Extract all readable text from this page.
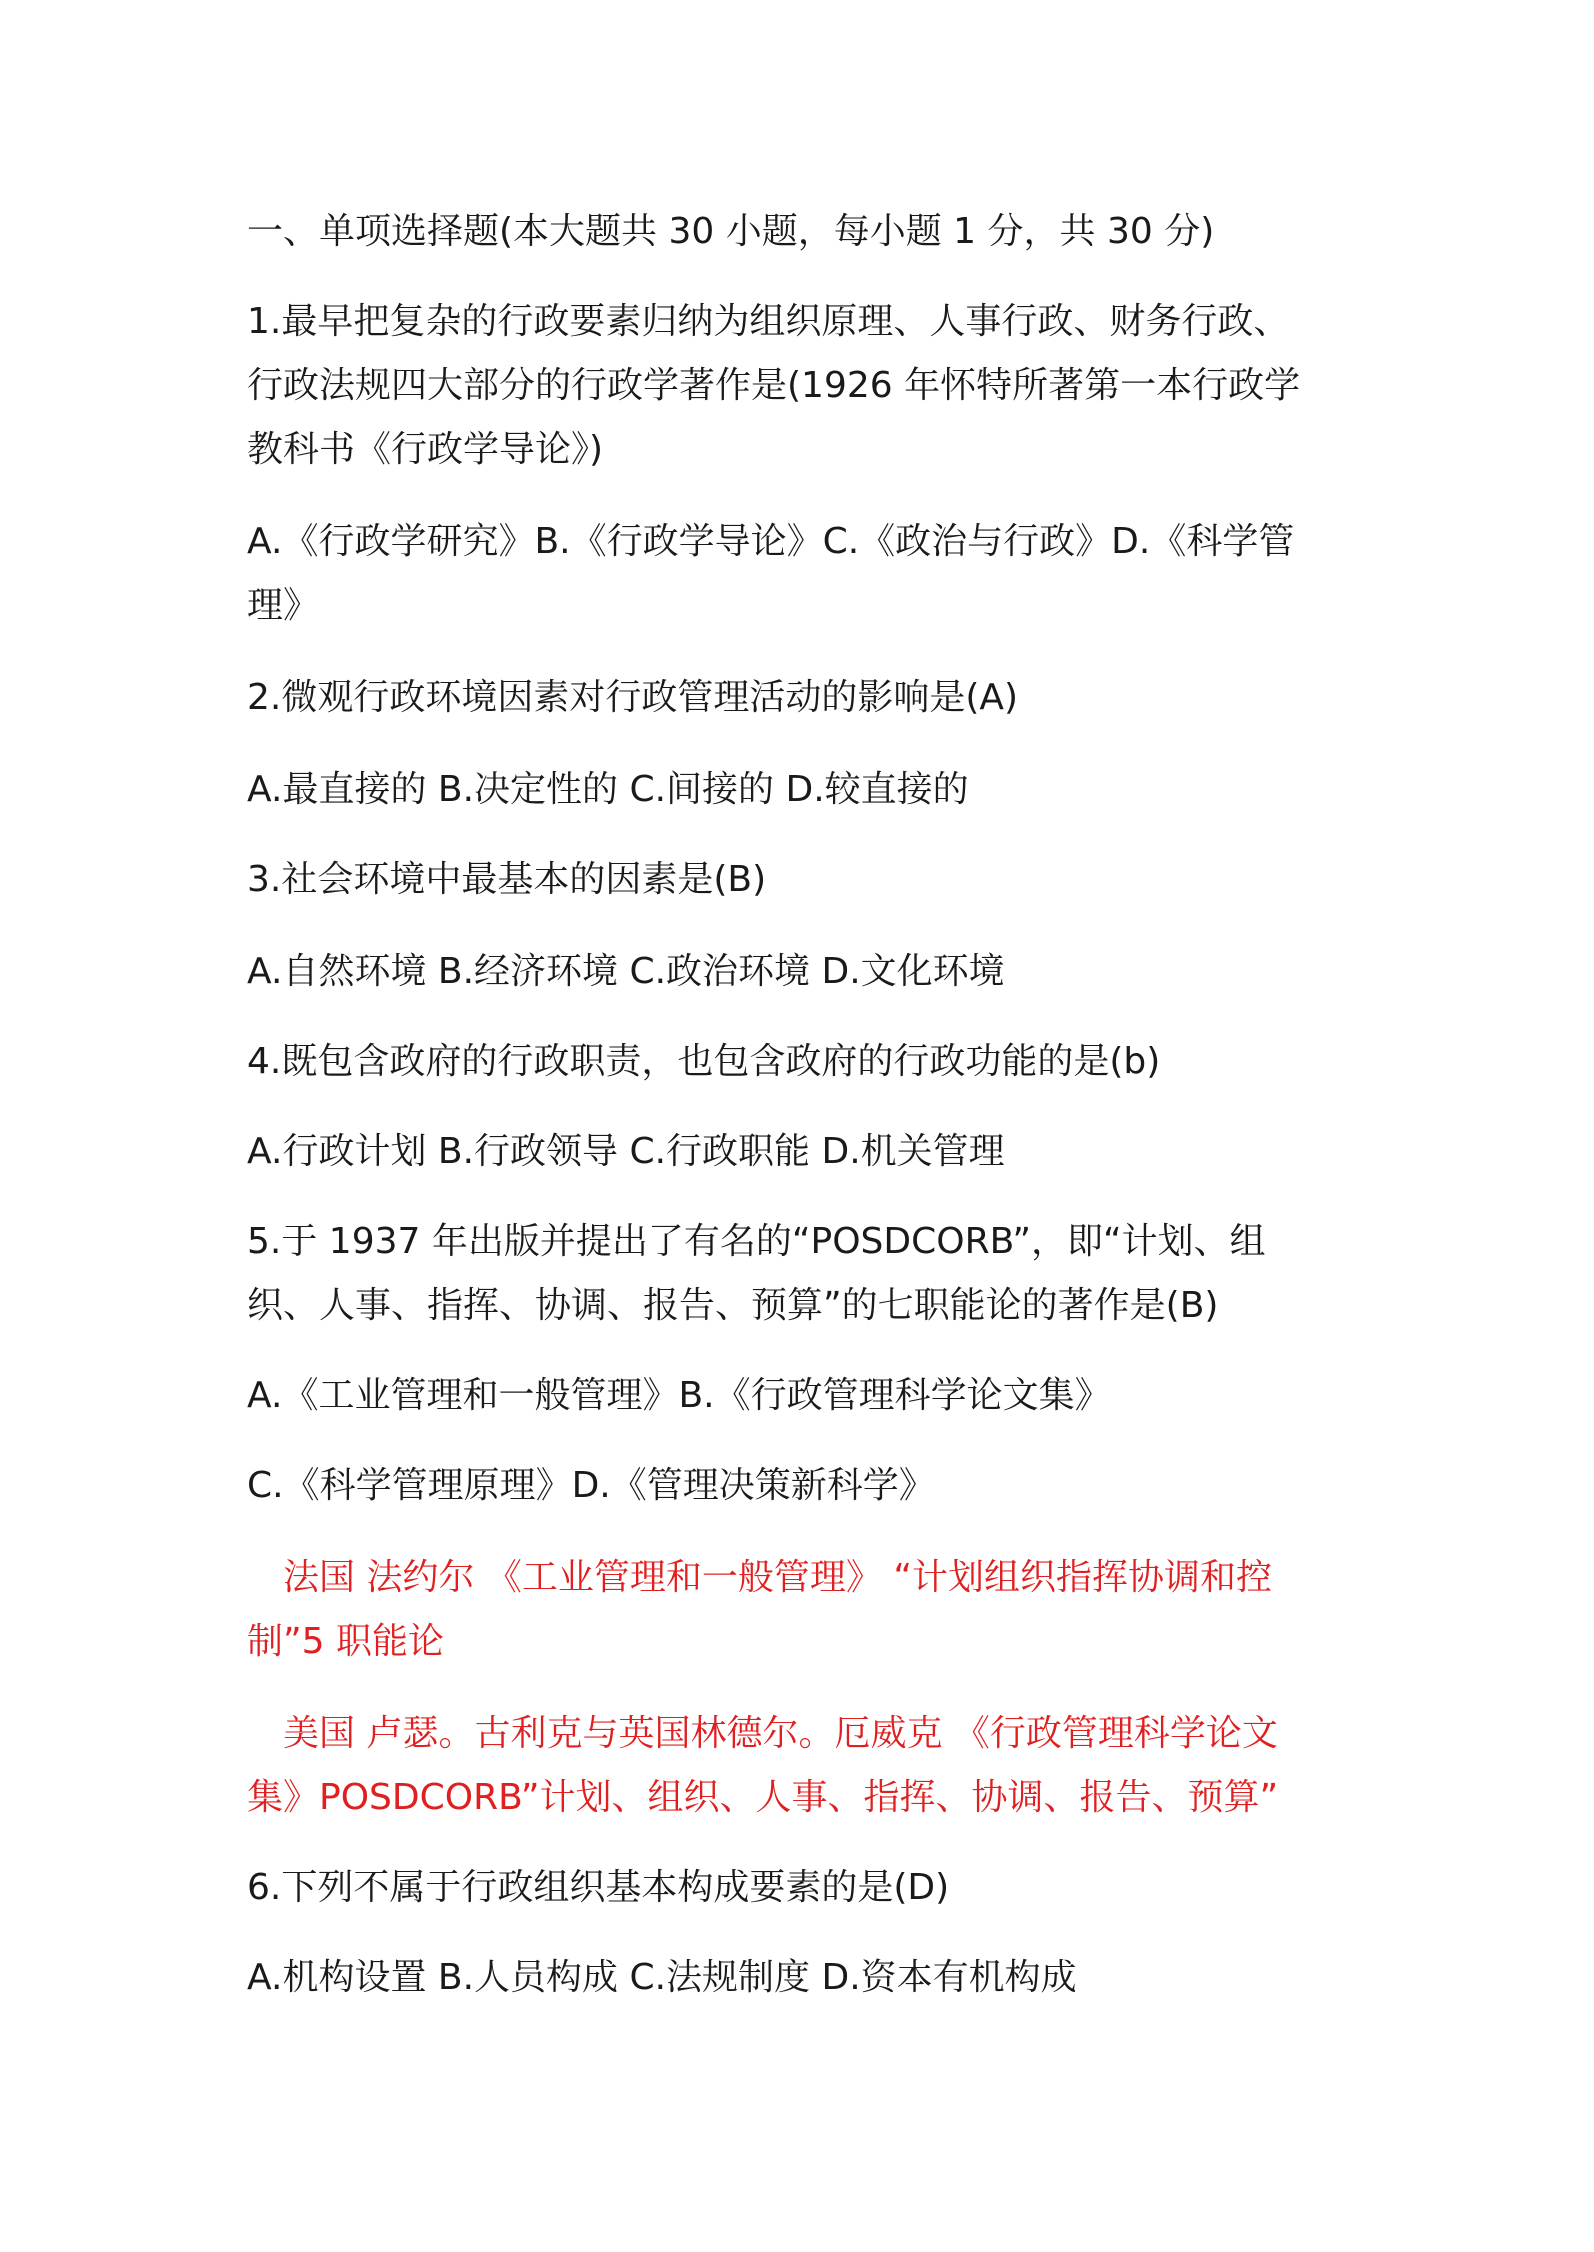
一、单项选择题(本大题共 30 小题，每小题 1 分，共 30 分)

1.最早把复杂的行政要素归纳为组织原理、人事行政、财务行政、
行政法规四大部分的行政学著作是(1926 年怀特所著第一本行政学
教科书《行政学导论》)

A.《行政学研究》B.《行政学导论》C.《政治与行政》D.《科学管
理》

2.微观行政环境因素对行政管理活动的影响是(A)

A.最直接的 B.决定性的 C.间接的 D.较直接的

3.社会环境中最基本的因素是(B)

A.自然环境 B.经济环境 C.政治环境 D.文化环境

4.既包含政府的行政职责，也包含政府的行政功能的是(b)

A.行政计划 B.行政领导 C.行政职能 D.机关管理

5.于 1937 年出版并提出了有名的“POSDCORB”，即“计划、组
织、人事、指挥、协调、报告、预算”的七职能论的著作是(B)

A.《工业管理和一般管理》B.《行政管理科学论文集》

C.《科学管理原理》D.《管理决策新科学》

法国 法约尔 《工业管理和一般管理》 “计划组织指挥协调和控
制”5 职能论

美国 卢瑟。古利克与英国林德尔。厄威克 《行政管理科学论文
集》POSDCORB”计划、组织、人事、指挥、协调、报告、预算”

6.下列不属于行政组织基本构成要素的是(D)

A.机构设置 B.人员构成 C.法规制度 D.资本有机构成
